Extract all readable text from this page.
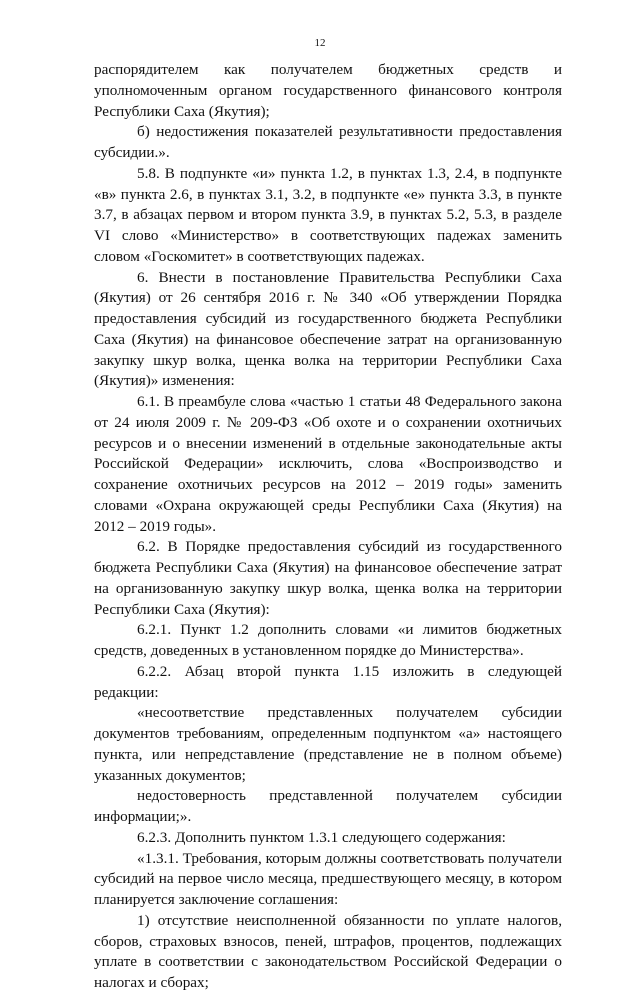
12

распорядителем как получателем бюджетных средств и уполномоченным органом государственного финансового контроля Республики Саха (Якутия);

б) недостижения показателей результативности предоставления субсидии.».

5.8. В подпункте «и» пункта 1.2, в пунктах 1.3, 2.4, в подпункте «в» пункта 2.6, в пунктах 3.1, 3.2, в подпункте «е» пункта 3.3, в пункте 3.7, в абзацах первом и втором пункта 3.9, в пунктах 5.2, 5.3, в разделе VI слово «Министерство» в соответствующих падежах заменить словом «Госкомитет» в соответствующих падежах.

6. Внести в постановление Правительства Республики Саха (Якутия) от 26 сентября 2016 г. № 340 «Об утверждении Порядка предоставления субсидий из государственного бюджета Республики Саха (Якутия) на финансовое обеспечение затрат на организованную закупку шкур волка, щенка волка на территории Республики Саха (Якутия)» изменения:

6.1. В преамбуле слова «частью 1 статьи 48 Федерального закона от 24 июля 2009 г. № 209-ФЗ «Об охоте и о сохранении охотничьих ресурсов и о внесении изменений в отдельные законодательные акты Российской Федерации» исключить, слова «Воспроизводство и сохранение охотничьих ресурсов на 2012 – 2019 годы» заменить словами «Охрана окружающей среды Республики Саха (Якутия) на 2012 – 2019 годы».

6.2. В Порядке предоставления субсидий из государственного бюджета Республики Саха (Якутия) на финансовое обеспечение затрат на организованную закупку шкур волка, щенка волка на территории Республики Саха (Якутия):

6.2.1. Пункт 1.2 дополнить словами «и лимитов бюджетных средств, доведенных в установленном порядке до Министерства».

6.2.2. Абзац второй пункта 1.15 изложить в следующей редакции:

«несоответствие представленных получателем субсидии документов требованиям, определенным подпунктом «а» настоящего пункта, или непредставление (представление не в полном объеме) указанных документов;

недостоверность представленной получателем субсидии информации;».

6.2.3. Дополнить пунктом 1.3.1 следующего содержания:

«1.3.1. Требования, которым должны соответствовать получатели субсидий на первое число месяца, предшествующего месяцу, в котором планируется заключение соглашения:

1) отсутствие неисполненной обязанности по уплате налогов, сборов, страховых взносов, пеней, штрафов, процентов, подлежащих уплате в соответствии с законодательством Российской Федерации о налогах и сборах;
